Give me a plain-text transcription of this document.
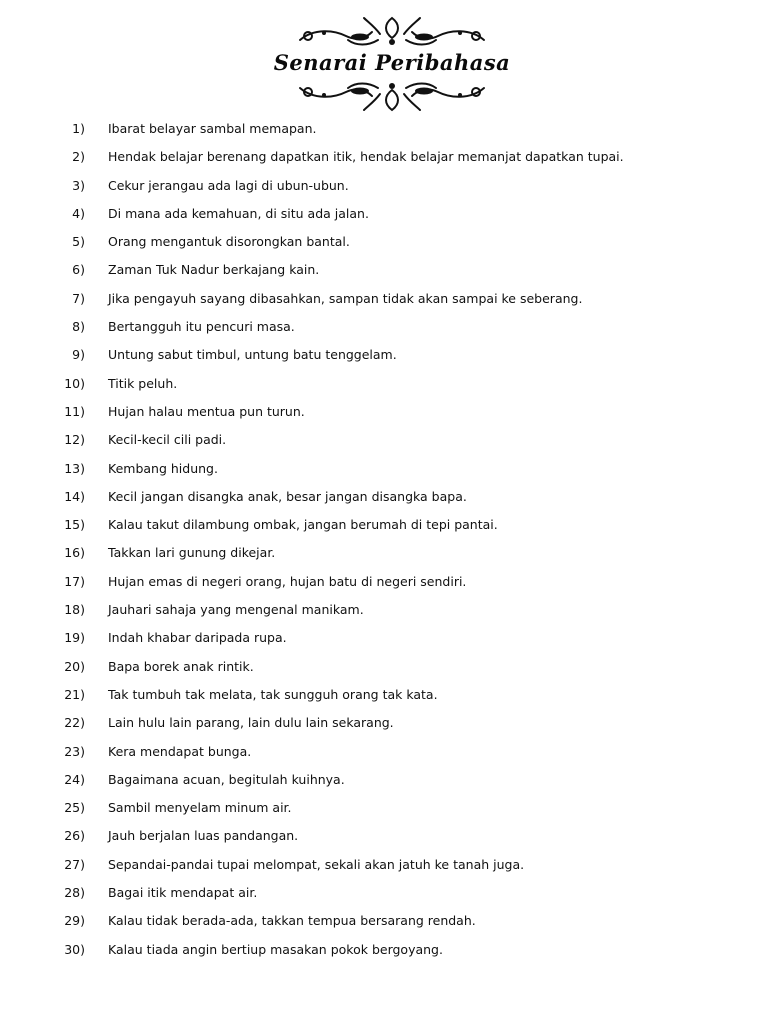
Senarai Peribahasa
1) Ibarat belayar sambal memapan.
2) Hendak belajar berenang dapatkan itik, hendak belajar memanjat dapatkan tupai.
3) Cekur jerangau ada lagi di ubun-ubun.
4) Di mana ada kemahuan, di situ ada jalan.
5) Orang mengantuk disorongkan bantal.
6) Zaman Tuk Nadur berkajang kain.
7) Jika pengayuh sayang dibasahkan, sampan tidak akan sampai ke seberang.
8) Bertangguh itu pencuri masa.
9) Untung sabut timbul, untung batu tenggelam.
10) Titik peluh.
11) Hujan halau mentua pun turun.
12) Kecil-kecil cili padi.
13) Kembang hidung.
14) Kecil jangan disangka anak, besar jangan disangka bapa.
15) Kalau takut dilambung ombak, jangan berumah di tepi pantai.
16) Takkan lari gunung dikejar.
17) Hujan emas di negeri orang, hujan batu di negeri sendiri.
18) Jauhari sahaja yang mengenal manikam.
19) Indah khabar daripada rupa.
20) Bapa borek anak rintik.
21) Tak tumbuh tak melata, tak sungguh orang tak kata.
22) Lain hulu lain parang, lain dulu lain sekarang.
23) Kera mendapat bunga.
24) Bagaimana acuan, begitulah kuihnya.
25) Sambil menyelam minum air.
26) Jauh berjalan luas pandangan.
27) Sepandai-pandai tupai melompat, sekali akan jatuh ke tanah juga.
28) Bagai itik mendapat air.
29) Kalau tidak berada-ada, takkan tempua bersarang rendah.
30) Kalau tiada angin bertiup masakan pokok bergoyang.
